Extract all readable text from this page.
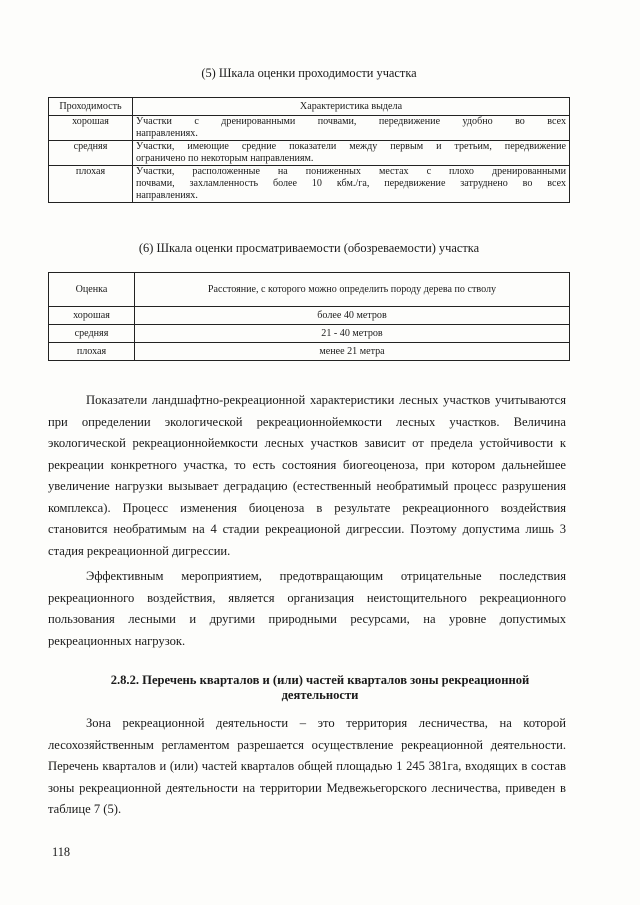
(5) Шкала оценки проходимости участка
Проходимость	Характеристика выдела
хорошая	Участки с дренированными почвами, передвижение удобно во всех
направлениях.

средняя	Участки, имеющие средние показатели между первым и третьим, передвижение
ограничено по некоторым направлениям.

плохая	Участки, расположенные на пониженных местах с плохо дренированными
почвами, захламленность более 10 кбм./га, передвижение затруднено во всех
направлениях.
(6) Шкала оценки просматриваемости (обозреваемости) участка
Оценка	Расстояние, с которого можно определить породу дерева по стволу
хорошая	более 40 метров
средняя	21 - 40 метров
плохая	менее 21 метра

Показатели ландшафтно-рекреационной характеристики лесных участков учитываются при определении экологической рекреационнойемкости лесных участков. Величина экологической рекреационнойемкости лесных участков зависит от предела устойчивости к рекреации конкретного участка, то есть состояния биогеоценоза, при котором дальнейшее увеличение нагрузки вызывает деградацию (естественный необратимый процесс разрушения комплекса). Процесс изменения биоценоза в результате рекреационного воздействия становится необратимым на 4 стадии рекреационой дигрессии. Поэтому допустима лишь 3 стадия рекреационной дигрессии.

Эффективным мероприятием, предотвращающим отрицательные последствия рекреационного воздействия, является организация неистощительного рекреационного пользования лесными и другими природными ресурсами, на уровне допустимых рекреационных нагрузок.

2.8.2. Перечень кварталов и (или) частей кварталов зоны рекреационной деятельности

Зона рекреационной деятельности – это территория лесничества, на которой лесохозяйственным регламентом разрешается осуществление рекреационной деятельности. Перечень кварталов и (или) частей кварталов общей площадью 1 245 381га, входящих в состав зоны рекреационной деятельности на территории Медвежьегорского лесничества, приведен в таблице 7 (5).

118
